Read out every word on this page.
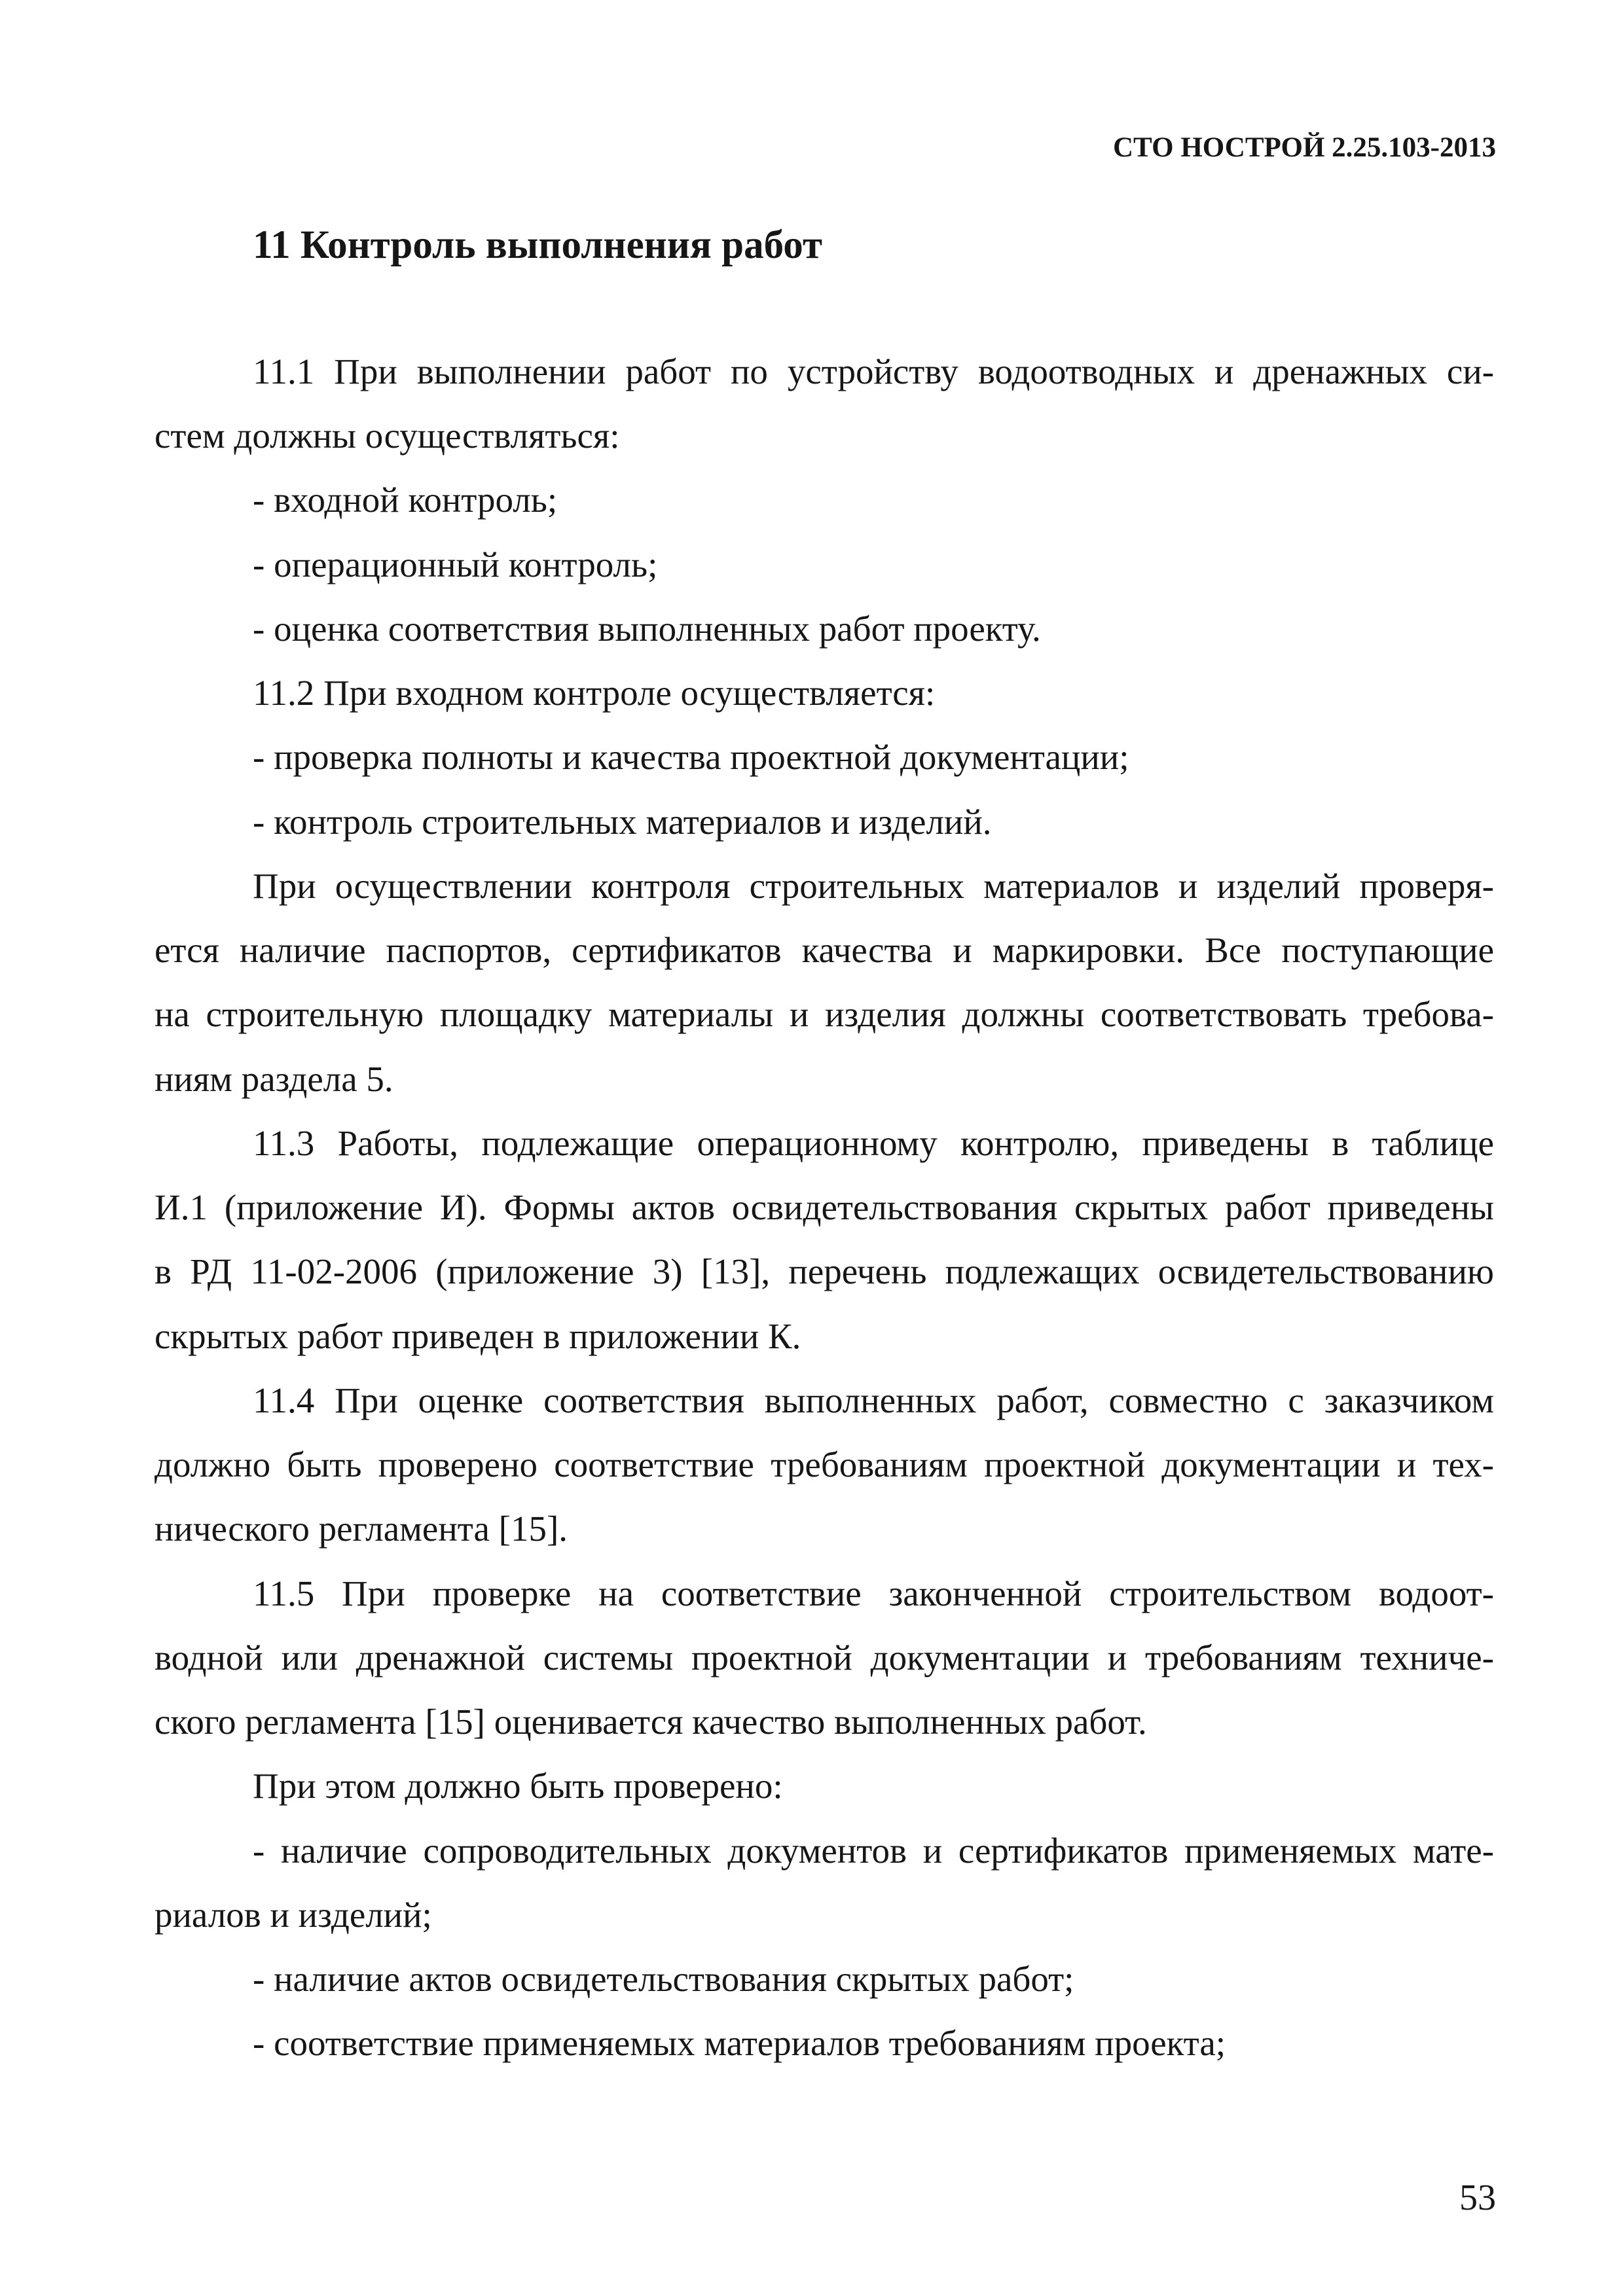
СТО НОСТРОЙ 2.25.103-2013
11 Контроль выполнения работ
11.1 При выполнении работ по устройству водоотводных и дренажных си-
стем должны осуществляться:
- входной контроль;
- операционный контроль;
- оценка соответствия выполненных работ проекту.
11.2 При входном контроле осуществляется:
- проверка полноты и качества проектной документации;
- контроль строительных материалов и изделий.
При осуществлении контроля строительных материалов и изделий проверя-
ется наличие паспортов, сертификатов качества и маркировки. Все поступающие
на строительную площадку материалы и изделия должны соответствовать требова-
ниям раздела 5.
11.3 Работы, подлежащие операционному контролю, приведены в таблице
И.1 (приложение И). Формы актов освидетельствования скрытых работ приведены
в РД 11-02-2006 (приложение 3) [13], перечень подлежащих освидетельствованию
скрытых работ приведен в приложении К.
11.4 При оценке соответствия выполненных работ, совместно с заказчиком
должно быть проверено соответствие требованиям проектной документации и тех-
нического регламента [15].
11.5 При проверке на соответствие законченной строительством водоот-
водной или дренажной системы проектной документации и требованиям техниче-
ского регламента [15] оценивается качество выполненных работ.
При этом должно быть проверено:
- наличие сопроводительных документов и сертификатов применяемых мате-
риалов и изделий;
- наличие актов освидетельствования скрытых работ;
- соответствие применяемых материалов требованиям проекта;
53
